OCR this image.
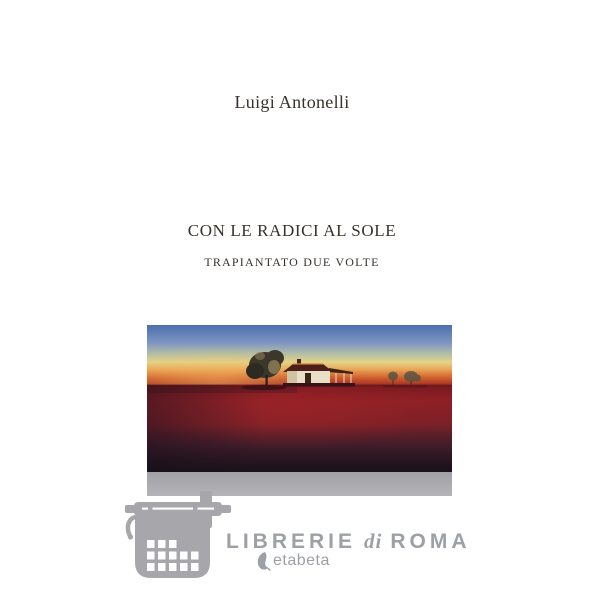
Luigi Antonelli
CON LE RADICI AL SOLE
TRAPIANTATO DUE VOLTE
LIBRERIE di ROMA
etabeta
